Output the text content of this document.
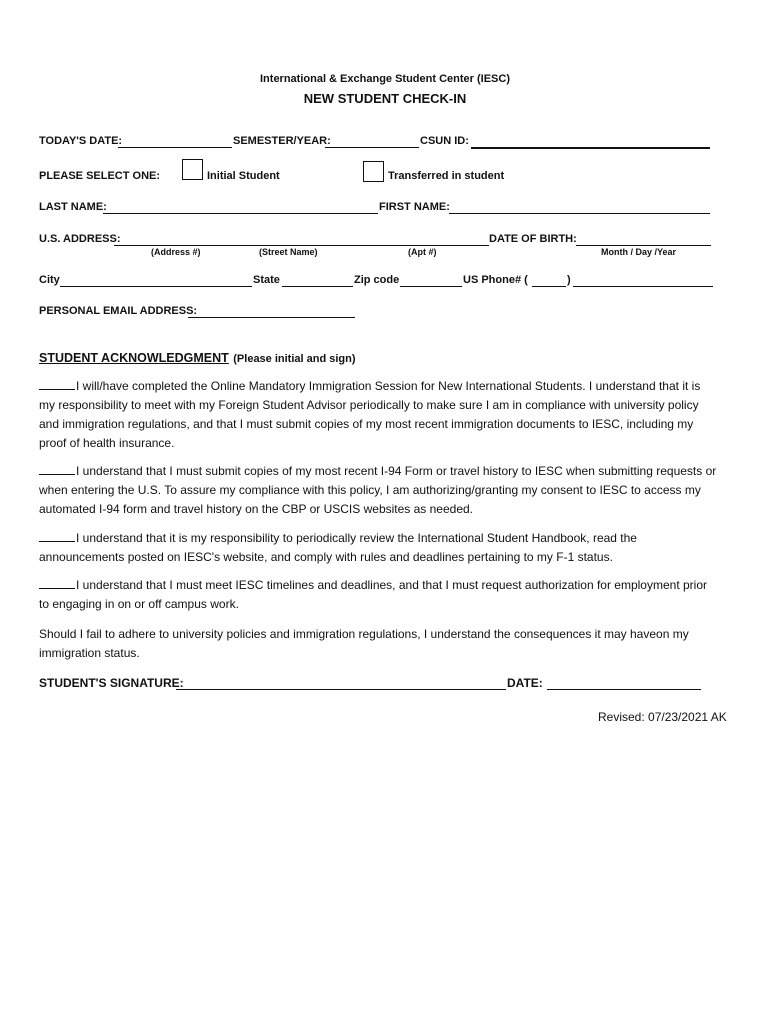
International & Exchange Student Center (IESC)
NEW STUDENT CHECK-IN
TODAY'S DATE:	SEMESTER/YEAR:	CSUN ID:
PLEASE SELECT ONE:	Initial Student	Transferred in student
LAST NAME:	FIRST NAME:
U.S. ADDRESS:	DATE OF BIRTH:
(Address #)	(Street Name)	(Apt #)	Month / Day /Year
City	State	Zip code	US Phone# (	)
PERSONAL EMAIL ADDRESS:
STUDENT ACKNOWLEDGMENT (Please initial and sign)
I will/have completed the Online Mandatory Immigration Session for New International Students. I understand that it is my responsibility to meet with my Foreign Student Advisor periodically to make sure I am in compliance with university policy and immigration regulations, and that I must submit copies of my most recent immigration documents to IESC, including my proof of health insurance.
I understand that I must submit copies of my most recent I-94 Form or travel history to IESC when submitting requests or when entering the U.S. To assure my compliance with this policy, I am authorizing/granting my consent to IESC to access my automated I-94 form and travel history on the CBP or USCIS websites as needed.
I understand that it is my responsibility to periodically review the International Student Handbook, read the announcements posted on IESC's website, and comply with rules and deadlines pertaining to my F-1 status.
I understand that I must meet IESC timelines and deadlines, and that I must request authorization for employment prior to engaging in on or off campus work.
Should I fail to adhere to university policies and immigration regulations, I understand the consequences it may haveon my immigration status.
STUDENT'S SIGNATURE:	DATE:
Revised: 07/23/2021 AK
